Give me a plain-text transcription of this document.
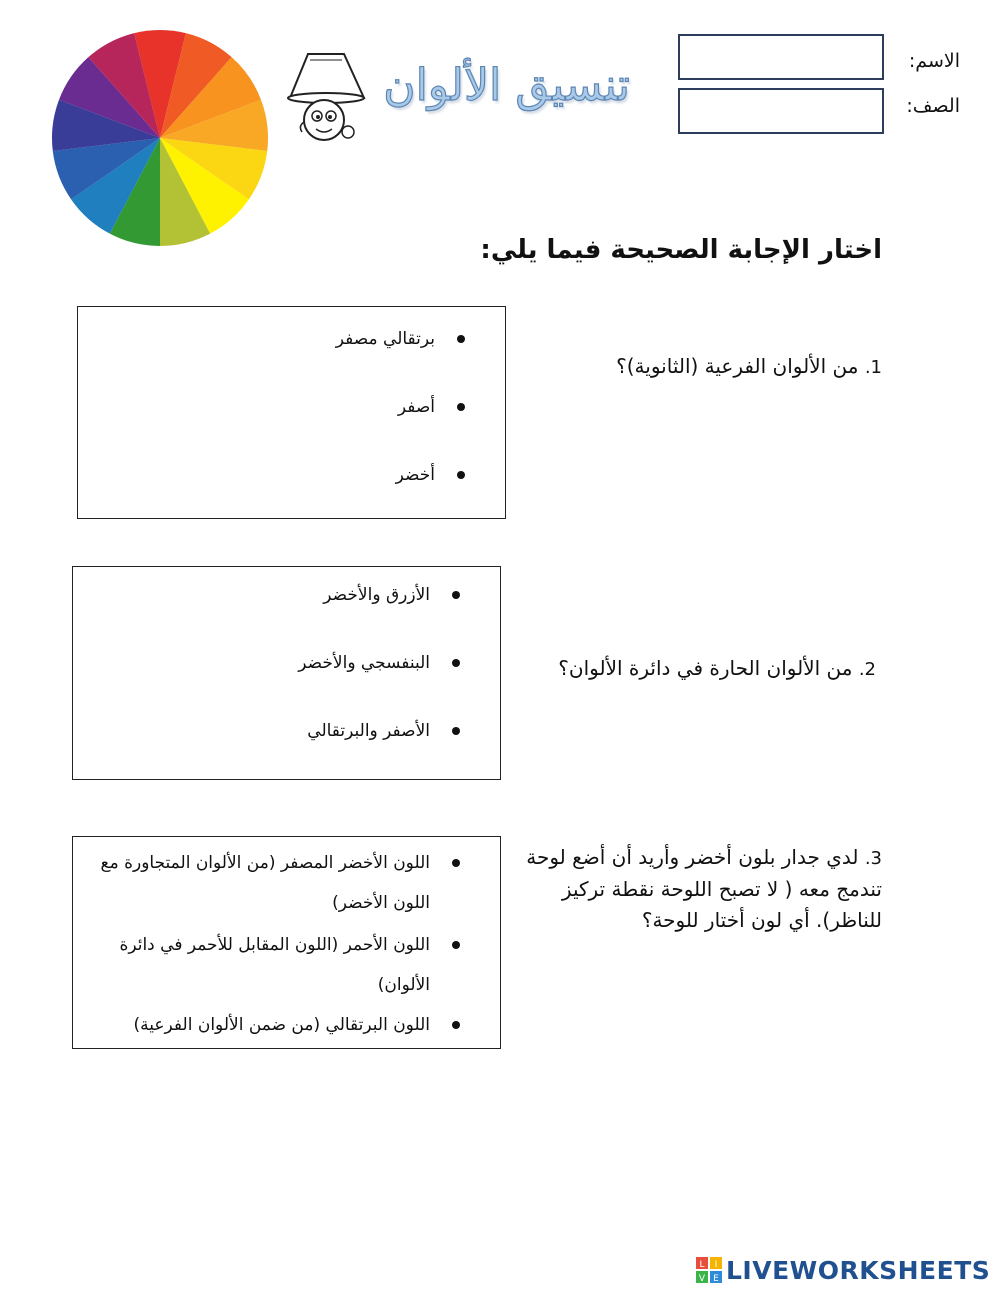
تنسيق الألوان	الاسم:
الصف:
اختار الإجابة الصحيحة فيما يلي:
1. من الألوان الفرعية (الثانوية)؟
برتقالي مصفر
أصفر
أخضر
2. من الألوان الحارة في دائرة الألوان؟
الأزرق والأخضر
البنفسجي والأخضر
الأصفر والبرتقالي
3. لدي جدار بلون أخضر وأريد أن أضع لوحة تندمج معه ( لا تصبح اللوحة نقطة تركيز للناظر). أي لون أختار للوحة؟
اللون الأخضر المصفر (من الألوان المتجاورة مع اللون الأخضر)
اللون الأحمر (اللون المقابل للأحمر في دائرة الألوان)
اللون البرتقالي (من ضمن الألوان الفرعية)
L I
V E LIVEWORKSHEETS
